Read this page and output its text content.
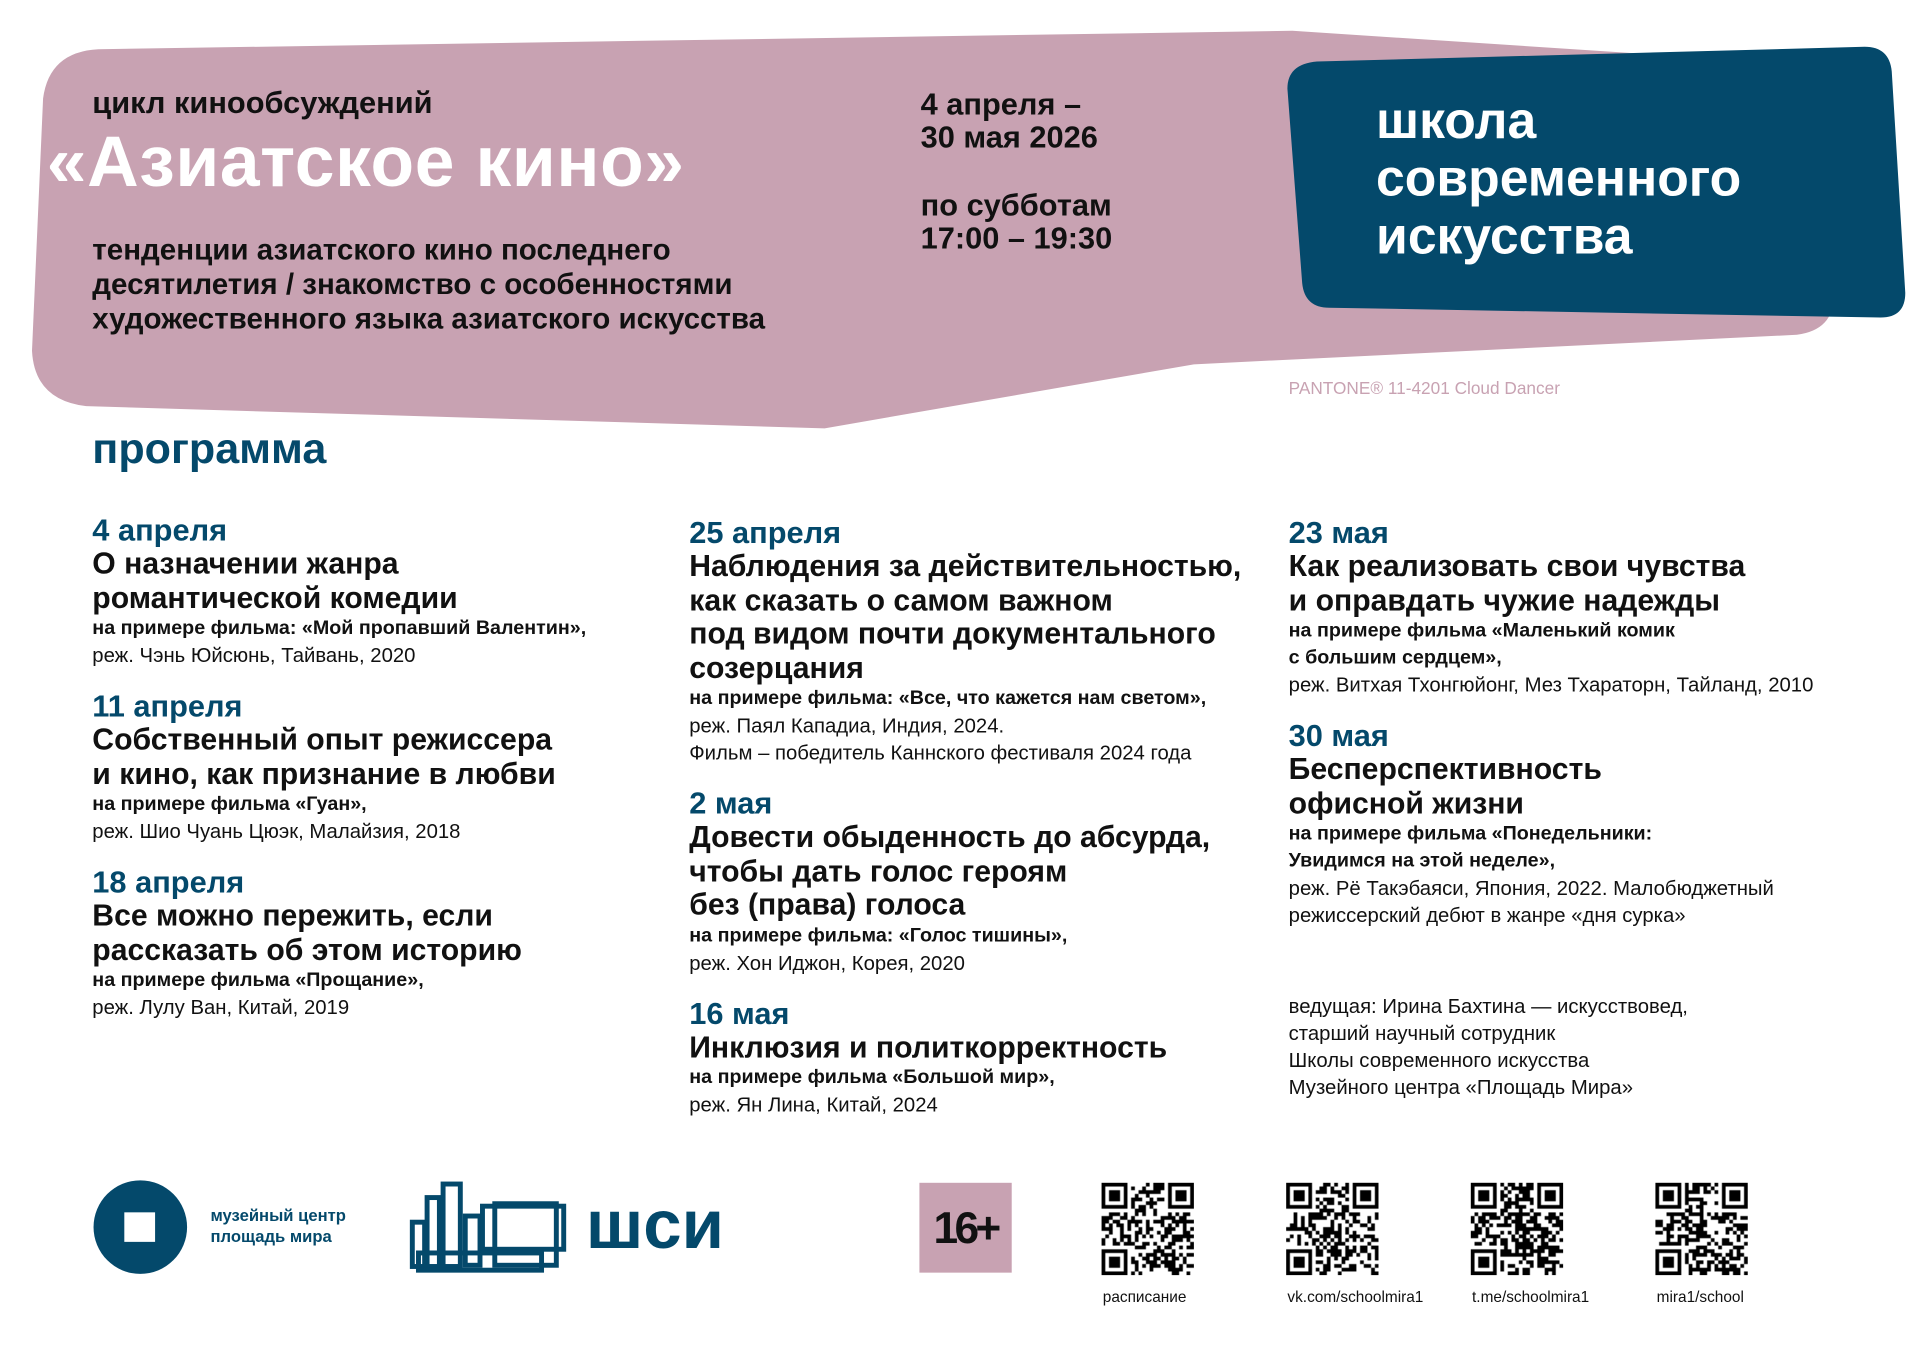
цикл кинообсуждений
«Азиатское кино»
тенденции азиатского кино последнего
десятилетия / знакомство с особенностями
художественного языка азиатского искусства
4 апреля –
30 мая 2026
по субботам
17:00 – 19:30
школа
современного
искусства
PANTONE® 11-4201 Cloud Dancer
программа
4 апреля
О назначении жанра
романтической комедии
на примере фильма: «Мой пропавший Валентин»,
реж. Чэнь Юйсюнь, Тайвань, 2020
11 апреля
Собственный опыт режиссера
и кино, как признание в любви
на примере фильма «Гуан»,
реж. Шио Чуань Цюэк, Малайзия, 2018
18 апреля
Все можно пережить, если
рассказать об этом историю
на примере фильма «Прощание»,
реж. Лулу Ван, Китай, 2019
25 апреля
Наблюдения за действительностью,
как сказать о самом важном
под видом почти документального
созерцания
на примере фильма: «Все, что кажется нам светом»,
реж. Паял Кападиа, Индия, 2024.
Фильм – победитель Каннского фестиваля 2024 года
2 мая
Довести обыденность до абсурда,
чтобы дать голос героям
без (права) голоса
на примере фильма: «Голос тишины»,
реж. Хон Иджон, Корея, 2020
16 мая
Инклюзия и политкорректность
на примере фильма «Большой мир»,
реж. Ян Лина, Китай, 2024
23 мая
Как реализовать свои чувства
и оправдать чужие надежды
на примере фильма «Маленький комик
с большим сердцем»,
реж. Витхая Тхонгюйонг, Мез Тхараторн, Тайланд, 2010
30 мая
Бесперспективность
офисной жизни
на примере фильма «Понедельники:
Увидимся на этой неделе»,
реж. Рё Такэбаяси, Япония, 2022. Малобюджетный
режиссерский дебют в жанре «дня сурка»
ведущая: Ирина Бахтина — искусствовед,
старший научный сотрудник
Школы современного искусства
Музейного центра «Площадь Мира»
музейный центр
площадь мира	шси	16+
расписание	vk.com/schoolmira1	t.me/schoolmira1	mira1/school
